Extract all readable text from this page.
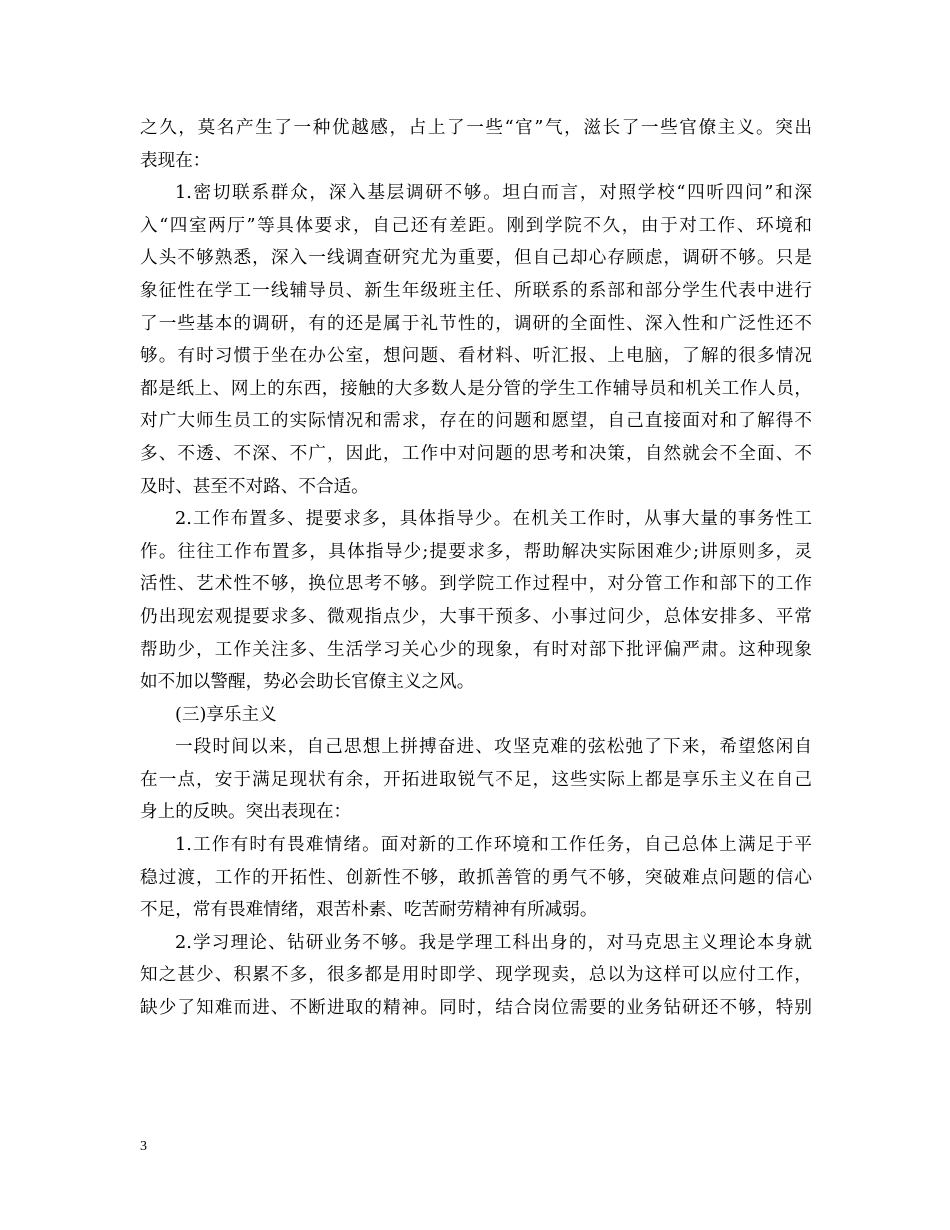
之久，莫名产生了一种优越感，占上了一些“官”气，滋长了一些官僚主义。突出
表现在：
1.密切联系群众，深入基层调研不够。坦白而言，对照学校“四听四问”和深
入“四室两厅”等具体要求，自己还有差距。刚到学院不久，由于对工作、环境和
人头不够熟悉，深入一线调查研究尤为重要，但自己却心存顾虑，调研不够。只是
象征性在学工一线辅导员、新生年级班主任、所联系的系部和部分学生代表中进行
了一些基本的调研，有的还是属于礼节性的，调研的全面性、深入性和广泛性还不
够。有时习惯于坐在办公室，想问题、看材料、听汇报、上电脑，了解的很多情况
都是纸上、网上的东西，接触的大多数人是分管的学生工作辅导员和机关工作人员，
对广大师生员工的实际情况和需求，存在的问题和愿望，自己直接面对和了解得不
多、不透、不深、不广，因此，工作中对问题的思考和决策，自然就会不全面、不
及时、甚至不对路、不合适。
2.工作布置多、提要求多，具体指导少。在机关工作时，从事大量的事务性工
作。往往工作布置多，具体指导少;提要求多，帮助解决实际困难少;讲原则多，灵
活性、艺术性不够，换位思考不够。到学院工作过程中，对分管工作和部下的工作
仍出现宏观提要求多、微观指点少，大事干预多、小事过问少，总体安排多、平常
帮助少，工作关注多、生活学习关心少的现象，有时对部下批评偏严肃。这种现象
如不加以警醒，势必会助长官僚主义之风。
(三)享乐主义
一段时间以来，自己思想上拼搏奋进、攻坚克难的弦松弛了下来，希望悠闲自
在一点，安于满足现状有余，开拓进取锐气不足，这些实际上都是享乐主义在自己
身上的反映。突出表现在：
1.工作有时有畏难情绪。面对新的工作环境和工作任务，自己总体上满足于平
稳过渡，工作的开拓性、创新性不够，敢抓善管的勇气不够，突破难点问题的信心
不足，常有畏难情绪，艰苦朴素、吃苦耐劳精神有所减弱。
2.学习理论、钻研业务不够。我是学理工科出身的，对马克思主义理论本身就
知之甚少、积累不多，很多都是用时即学、现学现卖，总以为这样可以应付工作，
缺少了知难而进、不断进取的精神。同时，结合岗位需要的业务钻研还不够，特别
3
